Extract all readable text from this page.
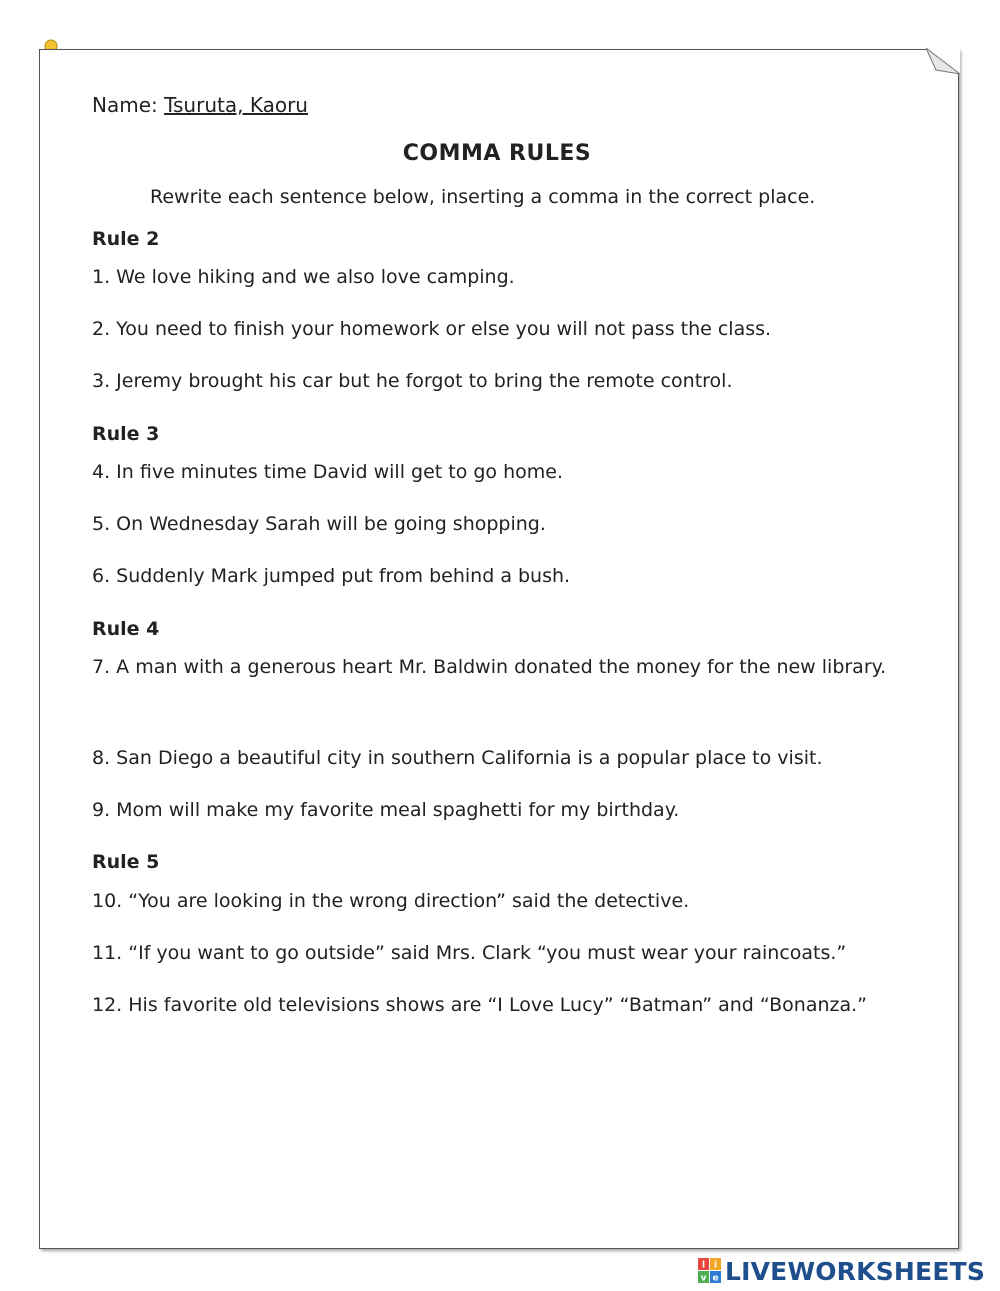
Name: Tsuruta, Kaoru
COMMA RULES
Rewrite each sentence below, inserting a comma in the correct place.
Rule 2
1. We love hiking and we also love camping.
2. You need to finish your homework or else you will not pass the class.
3. Jeremy brought his car but he forgot to bring the remote control.
Rule 3
4. In five minutes time David will get to go home.
5. On Wednesday Sarah will be going shopping.
6. Suddenly Mark jumped put from behind a bush.
Rule 4
7. A man with a generous heart Mr. Baldwin donated the money for the new library.
8. San Diego a beautiful city in southern California is a popular place to visit.
9. Mom will make my favorite meal spaghetti for my birthday.
Rule 5
10. “You are looking in the wrong direction” said the detective.
11. “If you want to go outside” said Mrs. Clark “you must wear your raincoats.”
12. His favorite old televisions shows are “I Love Lucy” “Batman” and “Bonanza.”
l i
v e LIVEWORKSHEETS
